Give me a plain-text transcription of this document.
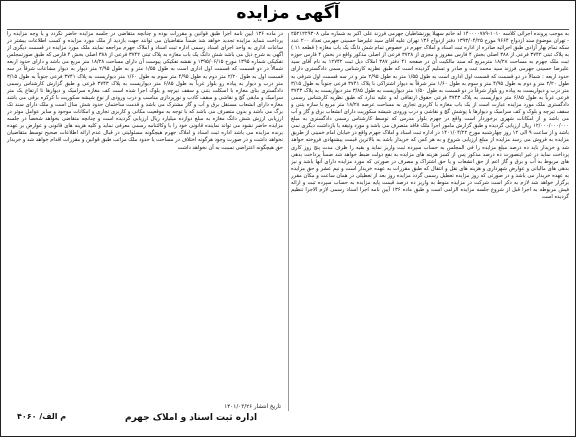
آگهی مزایده
به موجب پرونده اجرائی کلاسه ۱۰۱۰-۱۴۰۰۰۰۷۸۹ له خانم سهیلا پورنشاطیان جهرمی فرزند علی اکبر به شماره ملی ۲۵۲۱۲۲۹۳۰۸ - تهران موضوع سند ازدواج ۹۶۶۴ مورخ ۱۳۹۳/۰۴/۲۵ دفتر ازدواج ۱۳۶ تهران علیه آقای سید علیرضا حسینی جهرمی تعداد ۲۰۰ عدد سکه تمام بهار آزادی طبق اجرائیه صادره از اداره ثبت اسناد و املاک جهرم در خصوص تمام شش دانگ یک باب مغازه ( قطعه ۱۱ ) به پلاک ثبتی ۳۷۴۲ فرعی از ۳۸۸ اصلی بخش ۴ فارس مفروز و مجزی از ۳۷۲۸ فرعی از اصلی مذکور واقع در بخش ۴ فارس حوزه ثبت ملک جهرم به مساحت ۱۸/۲۸ مترمربع که سند مالکیت آن در صفحه ۴۱ دفتر ۳۸۷ املاک ذیل ثبت ۱۲۷۴۲ به نام آقای سید علیرضا حسینی جهرمی فرزند سید محمد ثبت و صادر و تسلیم گردیده است که طبق نظریه کارشناس رسمی دادگستری دارای حدود اربعه : شمالاً در دو قسمت که قسمت اول اداری است به طول ۱/۵۵ متر به طول ۲/۹۵ متر و در سه قسمت اول شرقی به طول ۲/۲۰ متر و دوم به طول ۴/۹۵ متر و سوم به طول ۱/۶۰ متر شرقاً به دیوار اشتراکی با پلاک ۳۷۴۱ فرعی جنوباً به طول ۳/۱۵ متر درب و دیواریست به پیاده رو بلوار شرقاً در دو قسمت به طول ۱/۵۰ متر دیواریست به طول ۳/۸۵ متر دیواریست به پلاک ۳۷۴۳ فرعی غرباً به طول ۶/۸۵ متر دیواریست به پلاک ۳۷۴۳ فرعی حقوق ارتفاقی له و علیه ندارد که طبق نظریه کارشناس رسمی دادگستری ملک مورد مزایده عبارت است از یک باب مغازه با کاربری تجاری به مساحت عرصه ۱۸/۲۸ متر مربع با سازه بتنی و سقف تیرچه و بلوک و کف سرامیک و دیوارها با پوشش گچ و نقاشی و درب ورودی شیشه سکوریت دارای انشعاب برق و گاز و آب می باشد و از امکانات شهری برخوردار است واقع در جهرم بلوار مدرس که توسط کارشناس رسمی دادگستری به مبلغ ۱۲/۰۰۰/۰۰۰/۰۰۰ ریال ارزیابی گردیده و طبق گزارش مامور اجرا ملک فاقد متصرف می باشد و مورد وثیقه یا بازداشت دیگری نمی باشد و از ساعت ۹ الی ۱۲ روز چهارشنبه مورخ ۱۴۰۱/۰۴/۲۲ در اداره ثبت اسناد و املاک جهرم واقع در خیابان امام خمینی از طریق مزایده به فروش می رسد مزایده از مبلغ ارزیابی شروع و به هر کس که خریدار باشد به بالاترین قیمت پیشنهادی فروخته خواهد شد و خریدار باید ده درصد مبلغ مزایده را فی المجلس به حساب سپرده ثبت واریز نماید و بقیه را ظرف مدت پنج روز کاری پرداخت نماید در غیر اینصورت ده درصد مذکور پس از کسر هزینه های مزایده به نفع دولت ضبط خواهد شد ضمناً پرداخت بدهی های مربوط به آب و برق و گاز اعم از حق انشعاب و یا حق اشتراک و مصرف در صورتی که مورد مزایده دارای آنها باشد و نیز بدهی های مالیاتی و عوارض شهرداری و هزینه های نقل و انتقال که طبق مقررات به عهده خریدار است و نیم عشر و حق مزایده به عهده خریدار می باشد و در صورتی که روز مزایده تعطیل رسمی گردد مزایده روز بعد از تعطیلی در همان ساعت و مکان مقرر برگزار خواهد شد لازم به ذکر است شرکت در مزایده منوط به واریز ده درصد قیمت پایه مزایده به حساب سپرده ثبت و ارائه فیش مربوطه به اجرا قبل از شروع جلسه مزایده الزامی است و طبق ماده ۱۳۶ آیین نامه اجرا اسناد رسمی لازم الاجرا تنظیم گردیده است
در ماده ۱۳۶ آیین نامه اجرا طبق قوانین و مقررات بوده و چنانچه متقاضی در جلسه مزایده حاضر نگردد و یا وجه مزایده را پرداخت ننماید مزایده تجدید خواهد شد ضمناً متقاضیان می توانند جهت بازدید از ملک مورد مزایده و کسب اطلاعات بیشتر در ساعات اداری به واحد اجرای اسناد رسمی اداره ثبت اسناد و املاک جهرم مراجعه نمایند ملک مورد مزایده در قسمت دیگری از آگهی به شرح ذیل می باشد شش دانگ یک باب مغازه به پلاک ثبتی ۳۷۴۲ فرعی از ۳۸۸ اصلی بخش ۴ فارس که طبق صورتمجلس تفکیکی شماره ۱۳۹۵ مورخ ۱۳۹۵/۰۶/۱۵ و نقشه تفکیکی پیوست آن دارای مساحت ۱۸/۲۸ متر مربع می باشد و دارای حدود اربعه شمالاً در دو قسمت که قسمت اول اداری است به طول ۱/۵۵ متر و به طول ۲/۹۵ متر دیوار به دیوار مشاعات شرقاً در سه قسمت اول به طول ۲/۲۰ متر دوم به طول ۴/۹۵ متر سوم به طول ۱/۶۰ متر دیواریست به پلاک ۳۷۴۱ فرعی جنوباً به طول ۳/۱۵ متر درب و دیوار به پیاده رو بلوار غرباً به طول ۶/۸۵ متر دیواریست به پلاک ۳۷۴۳ فرعی و طبق گزارش کارشناس رسمی دادگستری بنای مغازه با اسکلت بتنی و سقف تیرچه و بلوک اجرا شده است کف مغازه سرامیک و دیوارها تا ارتفاع یک متر سرامیک و مابقی گچ و نقاشی و سقف کاذب و نورپردازی مناسب و درب ورودی از نوع شیشه سکوریت با کرکره برقی می باشد مغازه دارای انشعاب مستقل برق و آب و گاز مشترک می باشد و قدمت ساختمان حدود شش سال است و ملک دارای سند تک برگ می باشد و بدون متصرف می باشد که با توجه به موقعیت مکانی و کاربری تجاری و امکانات موجود و سایر عوامل موثر در ارزیابی ارزش شش دانگ مغازه به مبلغ دوازده میلیارد ریال ارزیابی گردیده است و چنانچه متقاضی بخواهد شخصاً در جلسه مزایده حاضر نشود می تواند نماینده قانونی خود را با وکالتنامه رسمی معرفی نماید و کلیه هزینه های قانونی و عوارض بر عهده برنده مزایده می باشد اداره ثبت اسناد و املاک جهرم هیچگونه مسئولیتی در قبال عدم ارائه اطلاعات صحیح توسط متقاضیان نخواهد داشت و در صورت وجود هرگونه اختلاف در مساحت یا حدود ملک مراتب طبق قوانین و مقررات اقدام خواهد شد و خریدار حق هیچگونه اعتراضی نسبت به آن نخواهد داشت
تاریخ انتشار ۱۴۰۱/۰۳/۲۶
اداره ثبت اسناد و املاک جهرم
۴۰۶۰ /م الف
